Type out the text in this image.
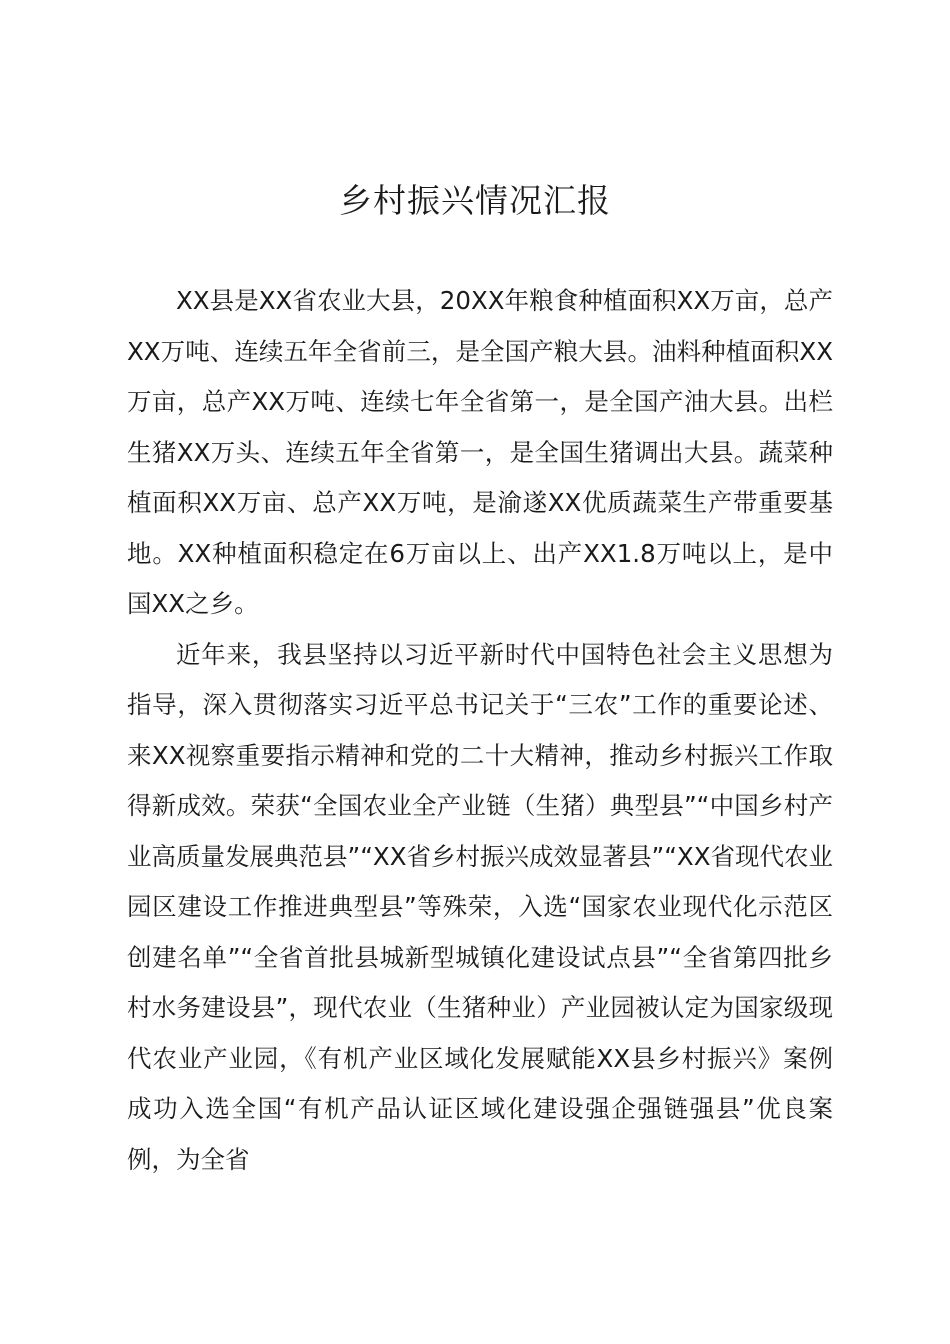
乡村振兴情况汇报

XX县是XX省农业大县，20XX年粮食种植面积XX万亩，总产XX万吨、连续五年全省前三，是全国产粮大县。油料种植面积XX万亩，总产XX万吨、连续七年全省第一，是全国产油大县。出栏生猪XX万头、连续五年全省第一，是全国生猪调出大县。蔬菜种植面积XX万亩、总产XX万吨，是渝遂XX优质蔬菜生产带重要基地。XX种植面积稳定在6万亩以上、出产XX1.8万吨以上，是中国XX之乡。

近年来，我县坚持以习近平新时代中国特色社会主义思想为指导，深入贯彻落实习近平总书记关于“三农”工作的重要论述、来XX视察重要指示精神和党的二十大精神，推动乡村振兴工作取得新成效。荣获“全国农业全产业链（生猪）典型县”“中国乡村产业高质量发展典范县”“XX省乡村振兴成效显著县”“XX省现代农业园区建设工作推进典型县”等殊荣，入选“国家农业现代化示范区创建名单”“全省首批县城新型城镇化建设试点县”“全省第四批乡村水务建设县”，现代农业（生猪种业）产业园被认定为国家级现代农业产业园，《有机产业区域化发展赋能XX县乡村振兴》案例成功入选全国“有机产品认证区域化建设强企强链强县”优良案例，为全省
